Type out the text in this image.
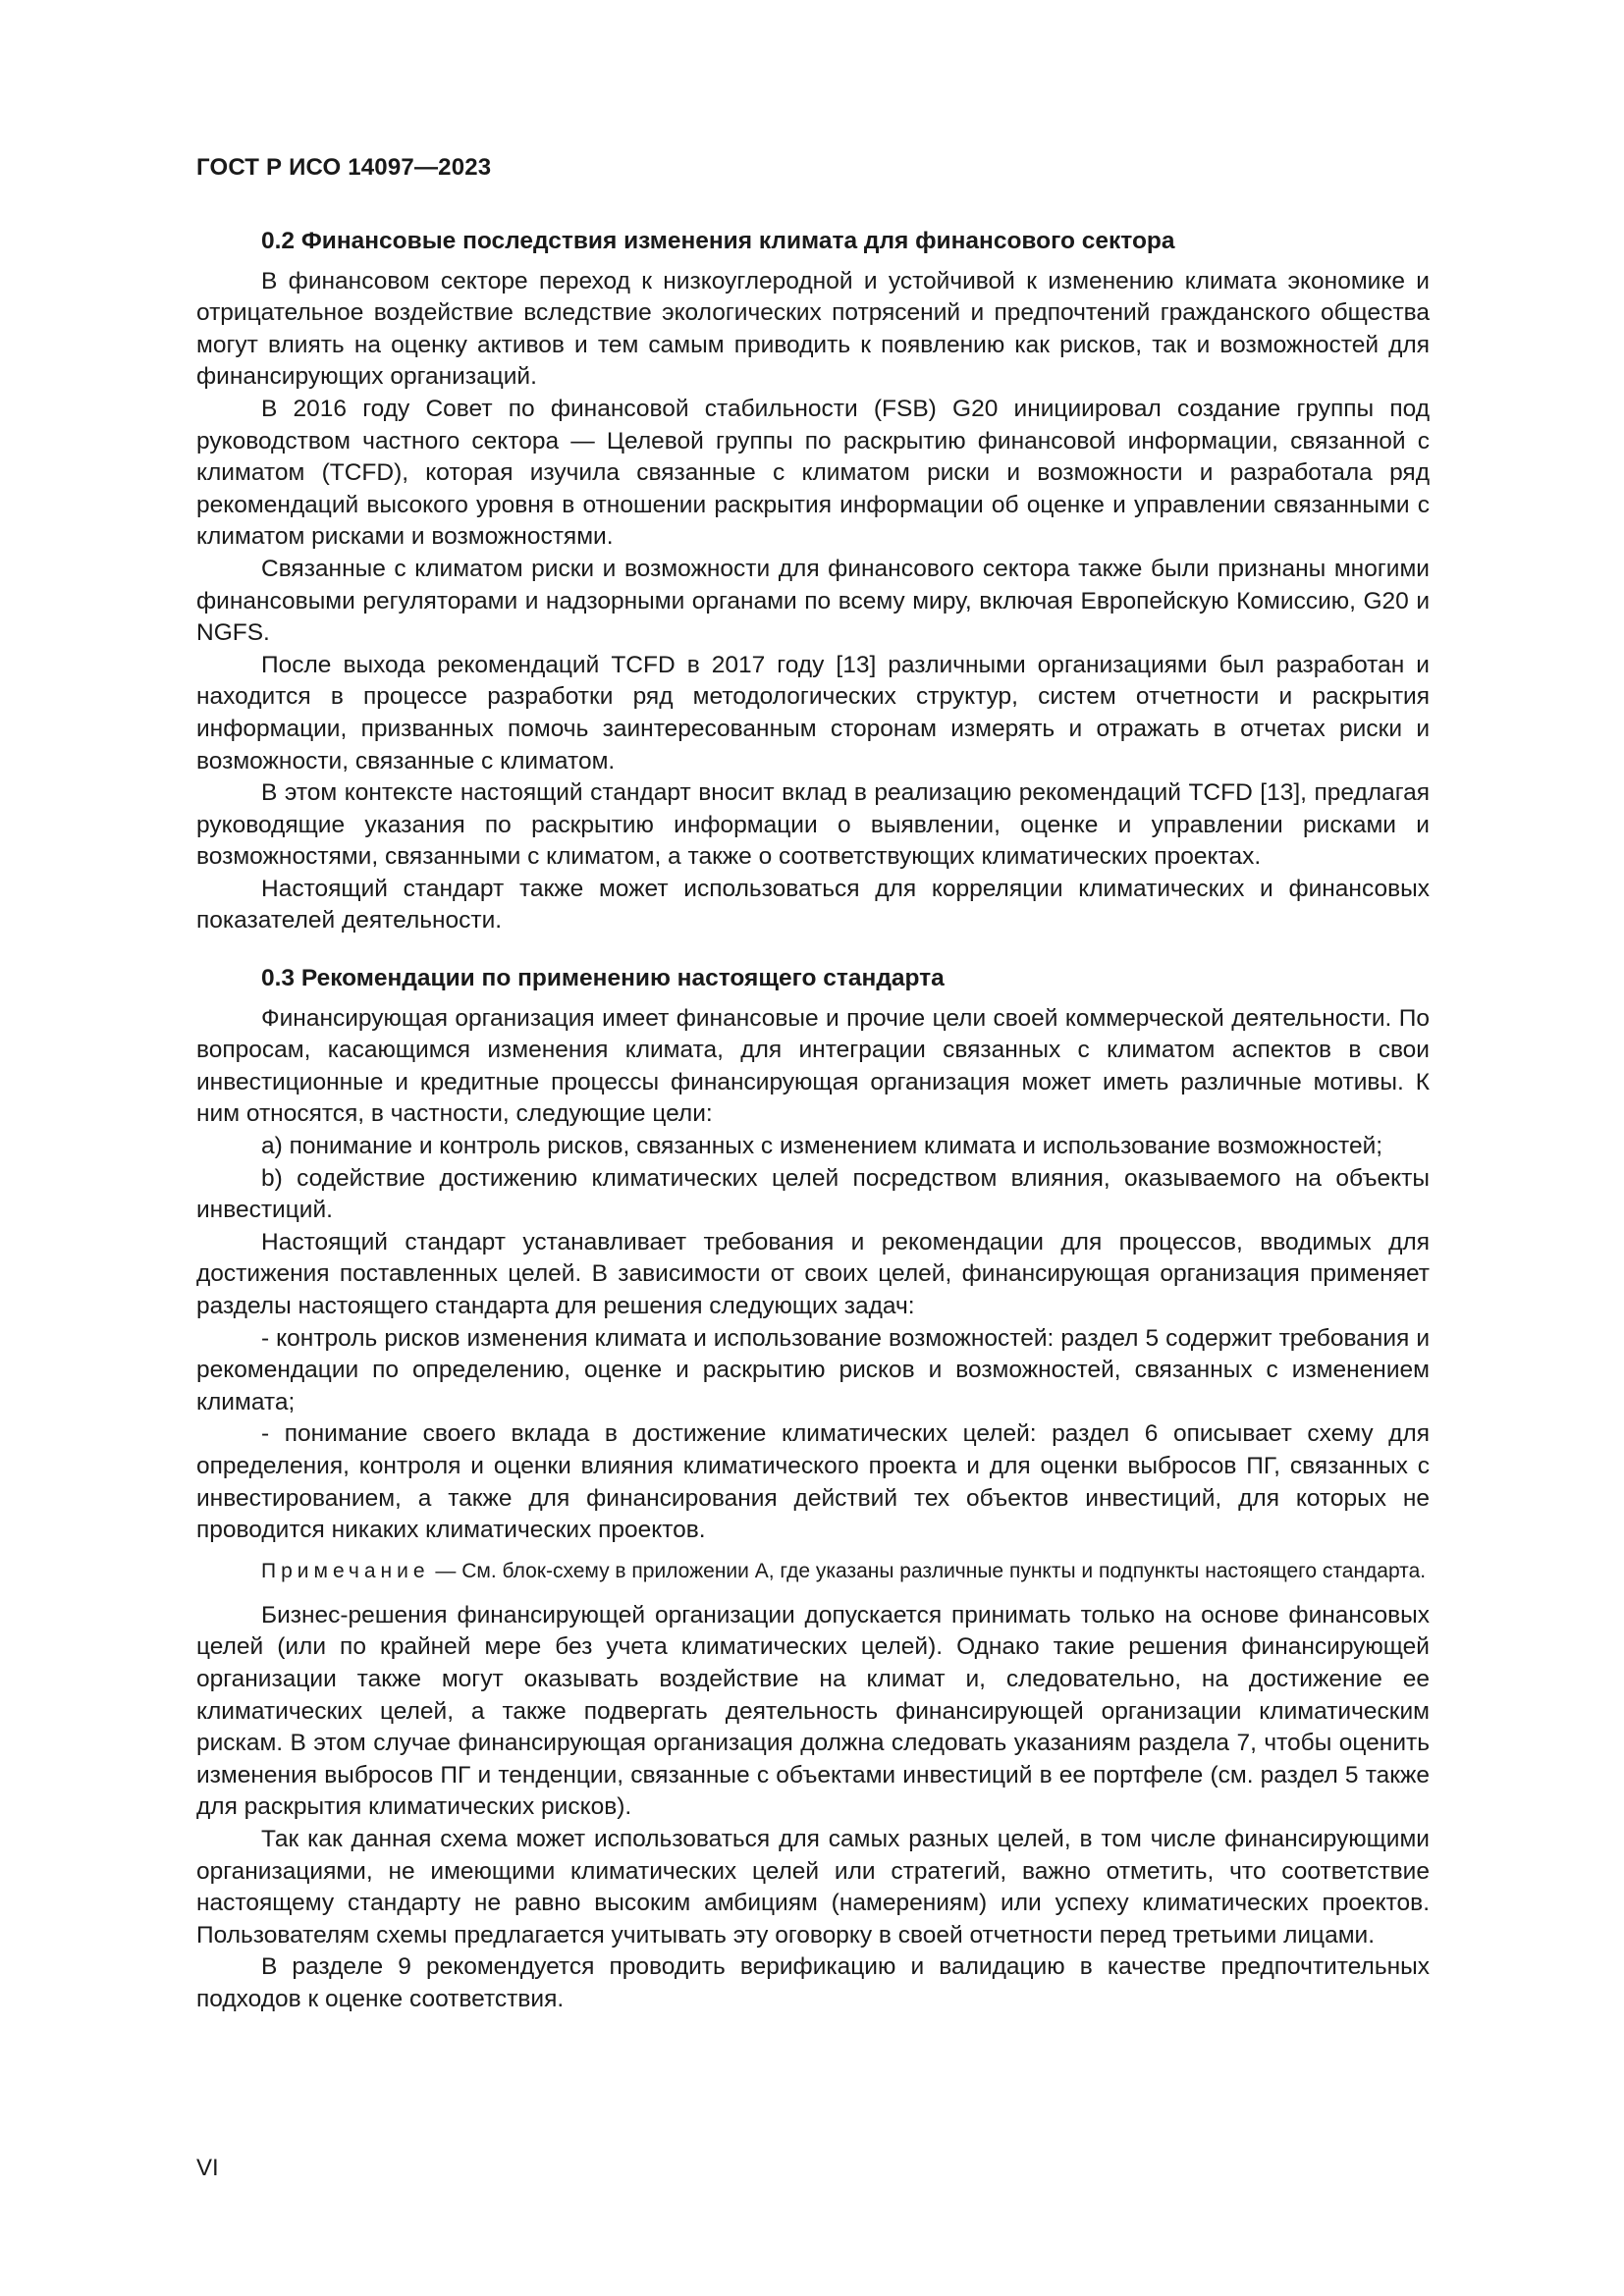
ГОСТ Р ИСО 14097—2023
0.2 Финансовые последствия изменения климата для финансового сектора

В финансовом секторе переход к низкоуглеродной и устойчивой к изменению климата экономике и отрицательное воздействие вследствие экологических потрясений и предпочтений гражданского общества могут влиять на оценку активов и тем самым приводить к появлению как рисков, так и возможностей для финансирующих организаций.

В 2016 году Совет по финансовой стабильности (FSB) G20 инициировал создание группы под руководством частного сектора — Целевой группы по раскрытию финансовой информации, связанной с климатом (TCFD), которая изучила связанные с климатом риски и возможности и разработала ряд рекомендаций высокого уровня в отношении раскрытия информации об оценке и управлении связанными с климатом рисками и возможностями.

Связанные с климатом риски и возможности для финансового сектора также были признаны многими финансовыми регуляторами и надзорными органами по всему миру, включая Европейскую Комиссию, G20 и NGFS.

После выхода рекомендаций TCFD в 2017 году [13] различными организациями был разработан и находится в процессе разработки ряд методологических структур, систем отчетности и раскрытия информации, призванных помочь заинтересованным сторонам измерять и отражать в отчетах риски и возможности, связанные с климатом.

В этом контексте настоящий стандарт вносит вклад в реализацию рекомендаций TCFD [13], предлагая руководящие указания по раскрытию информации о выявлении, оценке и управлении рисками и возможностями, связанными с климатом, а также о соответствующих климатических проектах.

Настоящий стандарт также может использоваться для корреляции климатических и финансовых показателей деятельности.

0.3 Рекомендации по применению настоящего стандарта

Финансирующая организация имеет финансовые и прочие цели своей коммерческой деятельности. По вопросам, касающимся изменения климата, для интеграции связанных с климатом аспектов в свои инвестиционные и кредитные процессы финансирующая организация может иметь различные мотивы. К ним относятся, в частности, следующие цели:

a) понимание и контроль рисков, связанных с изменением климата и использование возможностей;

b) содействие достижению климатических целей посредством влияния, оказываемого на объекты инвестиций.

Настоящий стандарт устанавливает требования и рекомендации для процессов, вводимых для достижения поставленных целей. В зависимости от своих целей, финансирующая организация применяет разделы настоящего стандарта для решения следующих задач:

- контроль рисков изменения климата и использование возможностей: раздел 5 содержит требования и рекомендации по определению, оценке и раскрытию рисков и возможностей, связанных с изменением климата;

- понимание своего вклада в достижение климатических целей: раздел 6 описывает схему для определения, контроля и оценки влияния климатического проекта и для оценки выбросов ПГ, связанных с инвестированием, а также для финансирования действий тех объектов инвестиций, для которых не проводится никаких климатических проектов.

Примечание — См. блок-схему в приложении А, где указаны различные пункты и подпункты настоящего стандарта.

Бизнес-решения финансирующей организации допускается принимать только на основе финансовых целей (или по крайней мере без учета климатических целей). Однако такие решения финансирующей организации также могут оказывать воздействие на климат и, следовательно, на достижение ее климатических целей, а также подвергать деятельность финансирующей организации климатическим рискам. В этом случае финансирующая организация должна следовать указаниям раздела 7, чтобы оценить изменения выбросов ПГ и тенденции, связанные с объектами инвестиций в ее портфеле (см. раздел 5 также для раскрытия климатических рисков).

Так как данная схема может использоваться для самых разных целей, в том числе финансирующими организациями, не имеющими климатических целей или стратегий, важно отметить, что соответствие настоящему стандарту не равно высоким амбициям (намерениям) или успеху климатических проектов. Пользователям схемы предлагается учитывать эту оговорку в своей отчетности перед третьими лицами.

В разделе 9 рекомендуется проводить верификацию и валидацию в качестве предпочтительных подходов к оценке соответствия.

VI
